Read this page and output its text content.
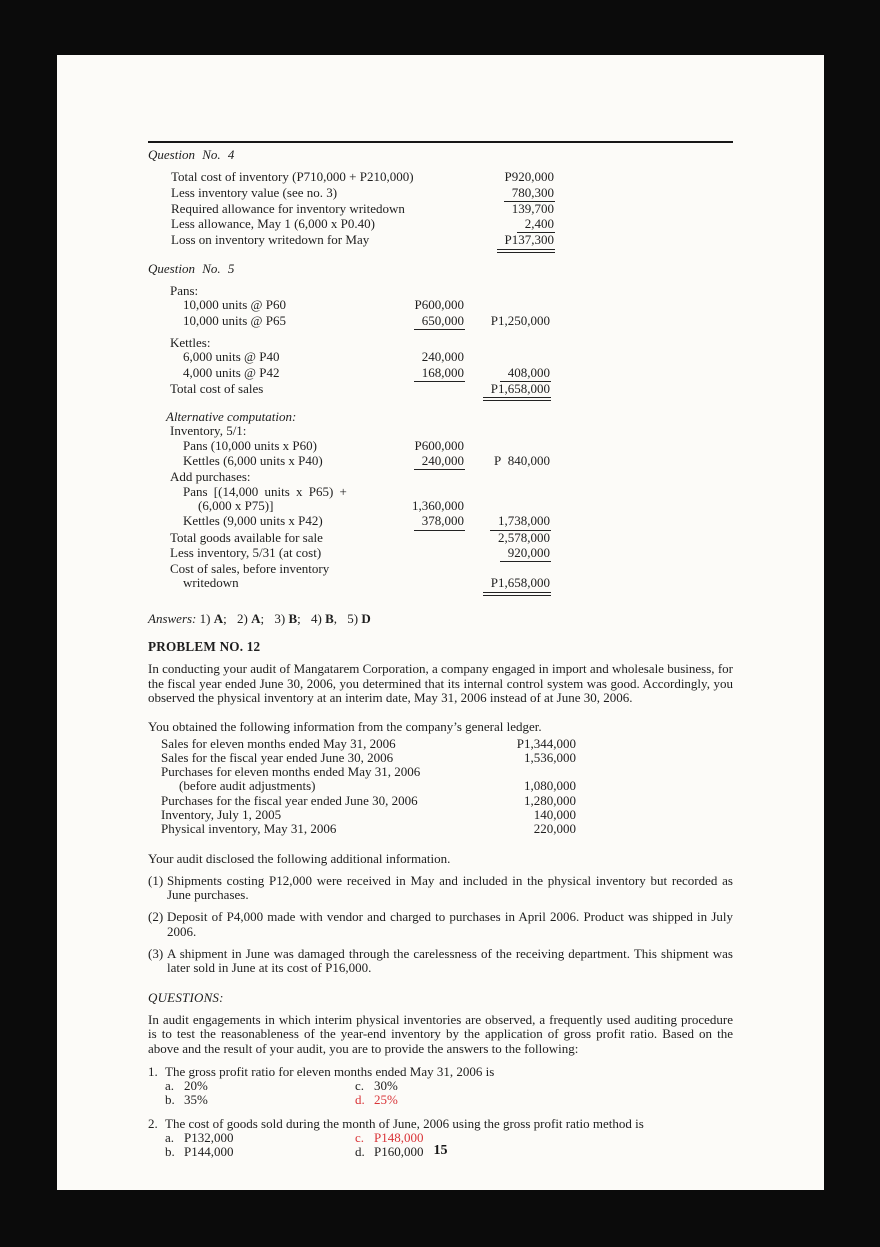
Question No. 4
Total cost of inventory (P710,000 + P210,000)	P920,000
Less inventory value (see no. 3)	780,300
Required allowance for inventory writedown	139,700
Less allowance, May 1 (6,000 x P0.40)	2,400
Loss on inventory writedown for May	P137,300
Question No. 5
Pans:
10,000 units @ P60	P600,000
10,000 units @ P65	650,000	P1,250,000
Kettles:
6,000 units @ P40	240,000
4,000 units @ P42	168,000	408,000
Total cost of sales	P1,658,000
Alternative computation:
Inventory, 5/1:
Pans (10,000 units x P60)	P600,000
Kettles (6,000 units x P40)	240,000	P  840,000
Add purchases:
Pans [(14,000 units x P65) +
(6,000 x P75)]	1,360,000
Kettles (9,000 units x P42)	378,000	1,738,000
Total goods available for sale	2,578,000
Less inventory, 5/31 (at cost)	920,000
Cost of sales, before inventory
writedown	P1,658,000
Answers: 1) A; 2) A; 3) B; 4) B, 5) D
PROBLEM NO. 12
In conducting your audit of Mangatarem Corporation, a company engaged in import and wholesale business, for the fiscal year ended June 30, 2006, you determined that its internal control system was good. Accordingly, you observed the physical inventory at an interim date, May 31, 2006 instead of at June 30, 2006.
You obtained the following information from the company’s general ledger.
Sales for eleven months ended May 31, 2006	P1,344,000
Sales for the fiscal year ended June 30, 2006	1,536,000
Purchases for eleven months ended May 31, 2006
(before audit adjustments)	1,080,000
Purchases for the fiscal year ended June 30, 2006	1,280,000
Inventory, July 1, 2005	140,000
Physical inventory, May 31, 2006	220,000
Your audit disclosed the following additional information.
(1) Shipments costing P12,000 were received in May and included in the physical inventory but recorded as June purchases.
(2) Deposit of P4,000 made with vendor and charged to purchases in April 2006. Product was shipped in July 2006.
(3) A shipment in June was damaged through the carelessness of the receiving department. This shipment was later sold in June at its cost of P16,000.
QUESTIONS:
In audit engagements in which interim physical inventories are observed, a frequently used auditing procedure is to test the reasonableness of the year-end inventory by the application of gross profit ratio. Based on the above and the result of your audit, you are to provide the answers to the following:
1. The gross profit ratio for eleven months ended May 31, 2006 is
a. 20%	c. 30%
b. 35%	d. 25%
2. The cost of goods sold during the month of June, 2006 using the gross profit ratio method is
a. P132,000	c. P148,000
b. P144,000	d. P160,000 15
